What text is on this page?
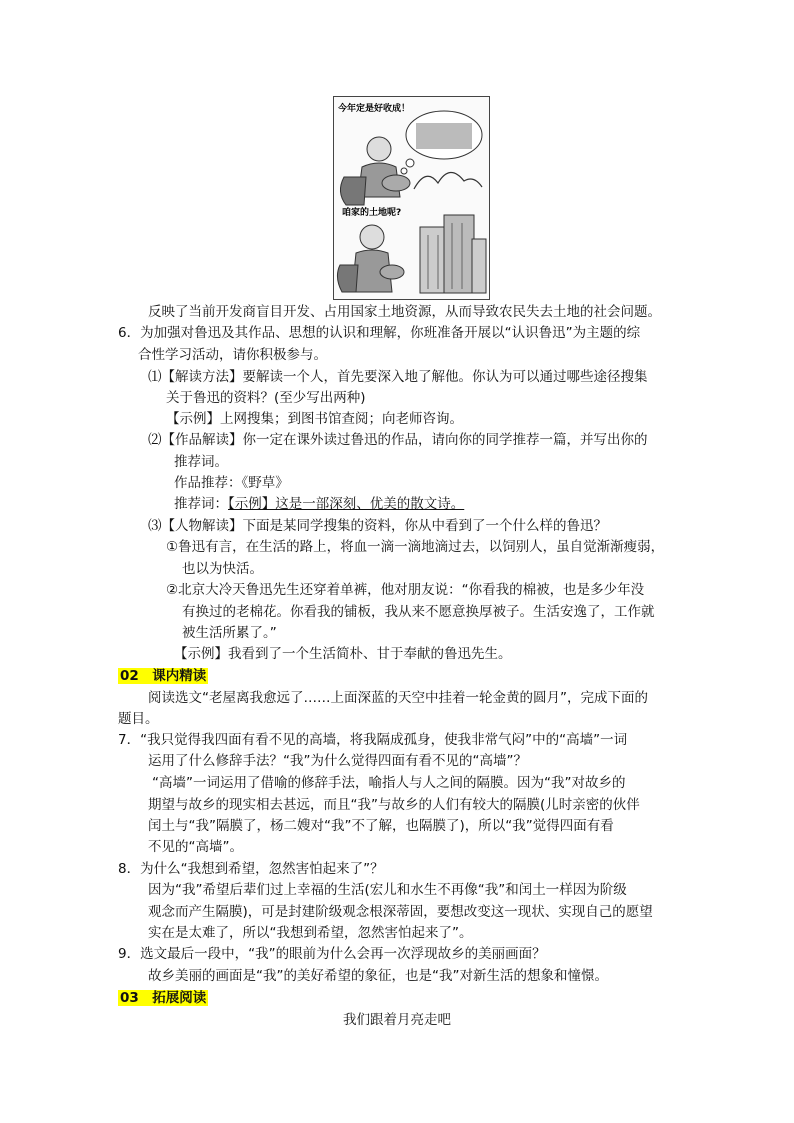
今年定是好收成！
咱家的土地呢?
反映了当前开发商盲目开发、占用国家土地资源，从而导致农民失去土地的社会问题。
6．为加强对鲁迅及其作品、思想的认识和理解，你班准备开展以“认识鲁迅”为主题的综
合性学习活动，请你积极参与。
⑴【解读方法】要解读一个人，首先要深入地了解他。你认为可以通过哪些途径搜集
关于鲁迅的资料？(至少写出两种)
【示例】上网搜集；到图书馆查阅；向老师咨询。
⑵【作品解读】你一定在课外读过鲁迅的作品，请向你的同学推荐一篇，并写出你的
推荐词。
作品推荐：《野草》
推荐词：【示例】这是一部深刻、优美的散文诗。
⑶【人物解读】下面是某同学搜集的资料，你从中看到了一个什么样的鲁迅？
①鲁迅有言，在生活的路上，将血一滴一滴地滴过去，以饲别人，虽自觉渐渐瘦弱，
也以为快活。
②北京大冷天鲁迅先生还穿着单裤，他对朋友说：“你看我的棉被，也是多少年没
有换过的老棉花。你看我的铺板，我从来不愿意换厚被子。生活安逸了，工作就
被生活所累了。”
【示例】我看到了一个生活简朴、甘于奉献的鲁迅先生。
02　课内精读
阅读选文“老屋离我愈远了……上面深蓝的天空中挂着一轮金黄的圆月”，完成下面的
题目。
7．“我只觉得我四面有看不见的高墙，将我隔成孤身，使我非常气闷”中的“高墙”一词
运用了什么修辞手法？“我”为什么觉得四面有看不见的“高墙”？
“高墙”一词运用了借喻的修辞手法，喻指人与人之间的隔膜。因为“我”对故乡的
期望与故乡的现实相去甚远，而且“我”与故乡的人们有较大的隔膜(儿时亲密的伙伴
闰土与“我”隔膜了，杨二嫂对“我”不了解，也隔膜了)，所以“我”觉得四面有看
不见的“高墙”。
8．为什么“我想到希望，忽然害怕起来了”？
因为“我”希望后辈们过上幸福的生活(宏儿和水生不再像“我”和闰土一样因为阶级
观念而产生隔膜)，可是封建阶级观念根深蒂固，要想改变这一现状、实现自己的愿望
实在是太难了，所以“我想到希望，忽然害怕起来了”。
9．选文最后一段中，“我”的眼前为什么会再一次浮现故乡的美丽画面？
故乡美丽的画面是“我”的美好希望的象征，也是“我”对新生活的想象和憧憬。
03　拓展阅读
我们跟着月亮走吧
